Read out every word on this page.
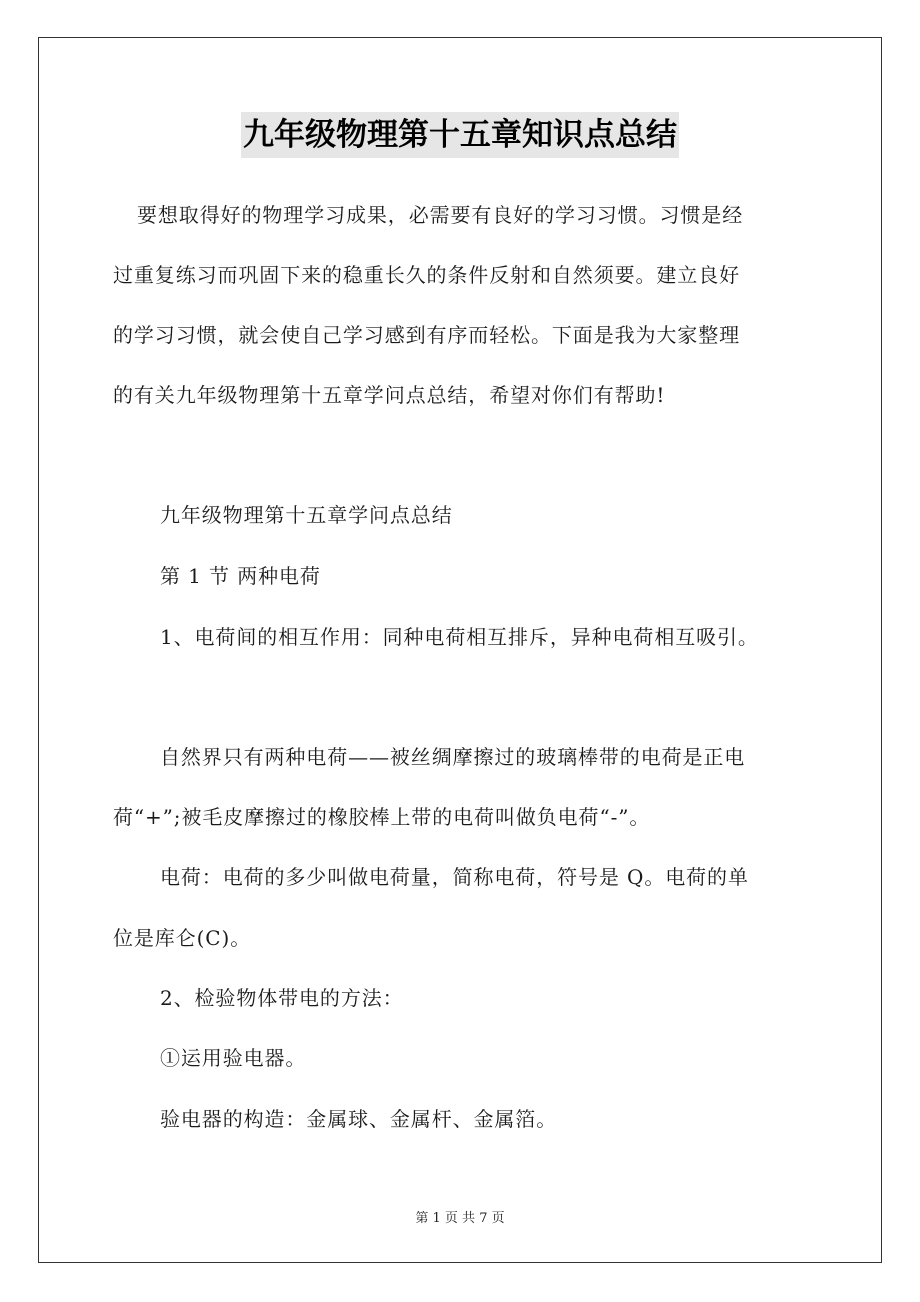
九年级物理第十五章知识点总结
要想取得好的物理学习成果，必需要有良好的学习习惯。习惯是经
过重复练习而巩固下来的稳重长久的条件反射和自然须要。建立良好
的学习习惯，就会使自己学习感到有序而轻松。下面是我为大家整理
的有关九年级物理第十五章学问点总结，希望对你们有帮助!
九年级物理第十五章学问点总结
第 1 节 两种电荷
1、电荷间的相互作用：同种电荷相互排斥，异种电荷相互吸引。
自然界只有两种电荷——被丝绸摩擦过的玻璃棒带的电荷是正电
荷“+”;被毛皮摩擦过的橡胶棒上带的电荷叫做负电荷“-”。
电荷：电荷的多少叫做电荷量，简称电荷，符号是 Q。电荷的单
位是库仑(C)。
2、检验物体带电的方法：
①运用验电器。
验电器的构造：金属球、金属杆、金属箔。
第 1 页 共 7 页
